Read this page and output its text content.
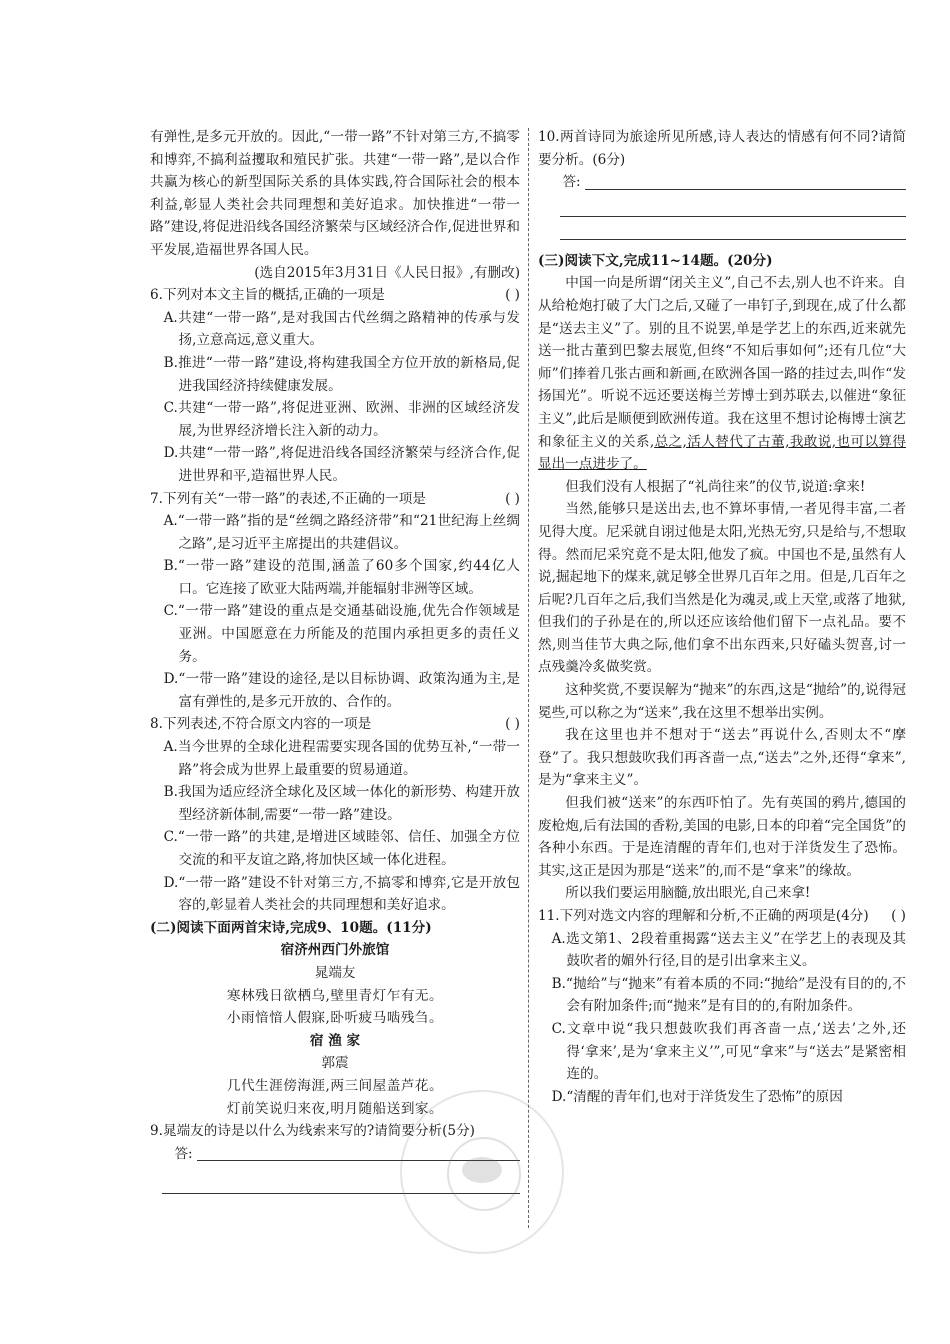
有弹性,是多元开放的。因此,“一带一路”不针对第三方,不搞零和博弈,不搞利益攫取和殖民扩张。共建“一带一路”,是以合作共赢为核心的新型国际关系的具体实践,符合国际社会的根本利益,彰显人类社会共同理想和美好追求。加快推进“一带一路”建设,将促进沿线各国经济繁荣与区域经济合作,促进世界和平发展,造福世界各国人民。

(选自2015年3月31日《人民日报》,有删改)

6.下列对本文主旨的概括,正确的一项是	( )

A.共建“一带一路”,是对我国古代丝绸之路精神的传承与发扬,立意高远,意义重大。

B.推进“一带一路”建设,将构建我国全方位开放的新格局,促进我国经济持续健康发展。

C.共建“一带一路”,将促进亚洲、欧洲、非洲的区域经济发展,为世界经济增长注入新的动力。

D.共建“一带一路”,将促进沿线各国经济繁荣与经济合作,促进世界和平,造福世界人民。

7.下列有关“一带一路”的表述,不正确的一项是	( )

A.“一带一路”指的是“丝绸之路经济带”和“21世纪海上丝绸之路”,是习近平主席提出的共建倡议。

B.“一带一路”建设的范围,涵盖了60多个国家,约44亿人口。它连接了欧亚大陆两端,并能辐射非洲等区域。

C.“一带一路”建设的重点是交通基础设施,优先合作领域是亚洲。中国愿意在力所能及的范围内承担更多的责任义务。

D.“一带一路”建设的途径,是以目标协调、政策沟通为主,是富有弹性的,是多元开放的、合作的。

8.下列表述,不符合原文内容的一项是	( )

A.当今世界的全球化进程需要实现各国的优势互补,“一带一路”将会成为世界上最重要的贸易通道。

B.我国为适应经济全球化及区域一体化的新形势、构建开放型经济新体制,需要“一带一路”建设。

C.“一带一路”的共建,是增进区域睦邻、信任、加强全方位交流的和平友谊之路,将加快区域一体化进程。

D.“一带一路”建设不针对第三方,不搞零和博弈,它是开放包容的,彰显着人类社会的共同理想和美好追求。

(二)阅读下面两首宋诗,完成9、10题。(11分)

宿济州西门外旅馆

晁端友

寒林残日欲栖乌,壁里青灯乍有无。

小雨愔愔人假寐,卧听疲马啮残刍。

宿 渔 家

郭震

几代生涯傍海涯,两三间屋盖芦花。

灯前笑说归来夜,明月随船送到家。

9.晁端友的诗是以什么为线索来写的?请简要分析(5分)

答:

10.两首诗同为旅途所见所感,诗人表达的情感有何不同?请简要分析。(6分)

答:

(三)阅读下文,完成11~14题。(20分)

中国一向是所谓“闭关主义”,自己不去,别人也不许来。自从给枪炮打破了大门之后,又碰了一串钉子,到现在,成了什么都是“送去主义”了。别的且不说罢,单是学艺上的东西,近来就先送一批古董到巴黎去展览,但终“不知后事如何”;还有几位“大师”们捧着几张古画和新画,在欧洲各国一路的挂过去,叫作“发扬国光”。听说不远还要送梅兰芳博士到苏联去,以催进“象征主义”,此后是顺便到欧洲传道。我在这里不想讨论梅博士演艺和象征主义的关系,总之,活人替代了古董,我敢说,也可以算得显出一点进步了。

但我们没有人根据了“礼尚往来”的仪节,说道:拿来!

当然,能够只是送出去,也不算坏事情,一者见得丰富,二者见得大度。尼采就自诩过他是太阳,光热无穷,只是给与,不想取得。然而尼采究竟不是太阳,他发了疯。中国也不是,虽然有人说,掘起地下的煤来,就足够全世界几百年之用。但是,几百年之后呢?几百年之后,我们当然是化为魂灵,或上天堂,或落了地狱,但我们的子孙是在的,所以还应该给他们留下一点礼品。要不然,则当佳节大典之际,他们拿不出东西来,只好磕头贺喜,讨一点残羹冷炙做奖赏。

这种奖赏,不要误解为“抛来”的东西,这是“抛给”的,说得冠冕些,可以称之为“送来”,我在这里不想举出实例。

我在这里也并不想对于“送去”再说什么,否则太不“摩登”了。我只想鼓吹我们再吝啬一点,“送去”之外,还得“拿来”,是为“拿来主义”。

但我们被“送来”的东西吓怕了。先有英国的鸦片,德国的废枪炮,后有法国的香粉,美国的电影,日本的印着“完全国货”的各种小东西。于是连清醒的青年们,也对于洋货发生了恐怖。其实,这正是因为那是“送来”的,而不是“拿来”的缘故。

所以我们要运用脑髓,放出眼光,自己来拿!

11.下列对选文内容的理解和分析,不正确的两项是(4分) ( )

A.选文第1、2段着重揭露“送去主义”在学艺上的表现及其鼓吹者的媚外行径,目的是引出拿来主义。

B.“抛给”与“抛来”有着本质的不同:“抛给”是没有目的的,不会有附加条件;而“抛来”是有目的的,有附加条件。

C.文章中说“我只想鼓吹我们再吝啬一点,‘送去’之外,还得‘拿来’,是为‘拿来主义’”,可见“拿来”与“送去”是紧密相连的。

D.“清醒的青年们,也对于洋货发生了恐怖”的原因
